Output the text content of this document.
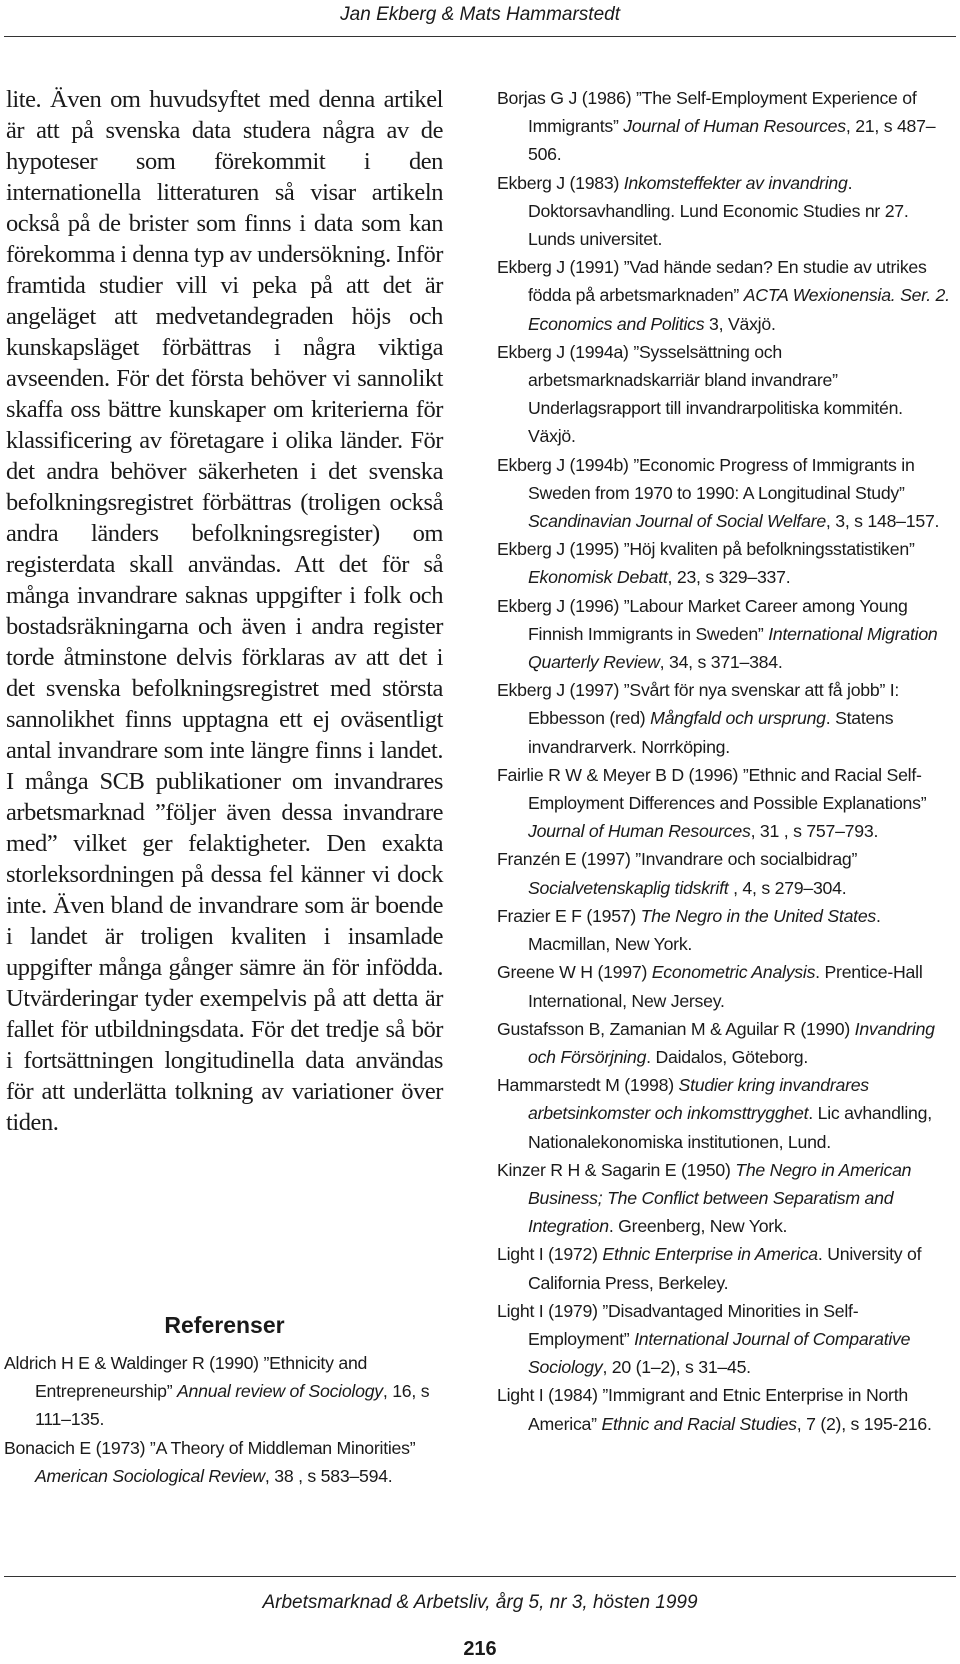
Jan Ekberg & Mats Hammarstedt

lite. Även om huvudsyftet med denna artikel är att på svenska data studera några av de hypoteser som förekommit i den internationella litteraturen så visar artikeln också på de brister som finns i data som kan förekomma i denna typ av undersökning. Inför framtida studier vill vi peka på att det är angeläget att medvetandegraden höjs och kunskapsläget förbättras i några viktiga avseenden. För det första behöver vi sannolikt skaffa oss bättre kunskaper om kriterierna för klassificering av företagare i olika länder. För det andra behöver säkerheten i det svenska befolkningsregistret förbättras (troligen också andra länders befolkningsregister) om registerdata skall användas. Att det för så många invandrare saknas uppgifter i folk och bostadsräkningarna och även i andra register torde åtminstone delvis förklaras av att det i det svenska befolkningsregistret med största sannolikhet finns upptagna ett ej oväsentligt antal invandrare som inte längre finns i landet. I många SCB publikationer om invandrares arbetsmarknad ”följer även dessa invandrare med” vilket ger felaktigheter. Den exakta storleksordningen på dessa fel känner vi dock inte. Även bland de invandrare som är boende i landet är troligen kvaliten i insamlade uppgifter många gånger sämre än för infödda. Utvärderingar tyder exempelvis på att detta är fallet för utbildningsdata. För det tredje så bör i fortsättningen longitudinella data användas för att underlätta tolkning av variationer över tiden.

Referenser

Aldrich H E & Waldinger R (1990) ”Ethnicity and Entrepreneurship” Annual review of Sociology, 16, s 111–135.

Bonacich E (1973) ”A Theory of Middleman Minorities” American Sociological Review, 38 , s 583–594.

Borjas G J (1986) ”The Self-Employment Experience of Immigrants” Journal of Human Resources, 21, s 487–506.

Ekberg J (1983) Inkomsteffekter av invandring. Doktorsavhandling. Lund Economic Studies nr 27. Lunds universitet.

Ekberg J (1991) ”Vad hände sedan? En studie av utrikes födda på arbetsmarknaden” ACTA Wexionensia. Ser. 2. Economics and Politics 3, Växjö.

Ekberg J (1994a) ”Sysselsättning och arbetsmarknadskarriär bland invandrare” Underlagsrapport till invandrarpolitiska kommitén. Växjö.

Ekberg J (1994b) ”Economic Progress of Immigrants in Sweden from 1970 to 1990: A Longitudinal Study” Scandinavian Journal of Social Welfare, 3, s 148–157.

Ekberg J (1995) ”Höj kvaliten på befolkningsstatistiken” Ekonomisk Debatt, 23, s 329–337.

Ekberg J (1996) ”Labour Market Career among Young Finnish Immigrants in Sweden” International Migration Quarterly Review, 34, s 371–384.

Ekberg J (1997) ”Svårt för nya svenskar att få jobb” I: Ebbesson (red) Mångfald och ursprung. Statens invandrarverk. Norrköping.

Fairlie R W & Meyer B D (1996) ”Ethnic and Racial Self-Employment Differences and Possible Explanations” Journal of Human Resources, 31 , s 757–793.

Franzén E (1997) ”Invandrare och socialbidrag” Socialvetenskaplig tidskrift , 4, s 279–304.

Frazier E F (1957) The Negro in the United States. Macmillan, New York.

Greene W H (1997) Econometric Analysis. Prentice-Hall International, New Jersey.

Gustafsson B, Zamanian M & Aguilar R (1990) Invandring och Försörjning. Daidalos, Göteborg.

Hammarstedt M (1998) Studier kring invandrares arbetsinkomster och inkomsttrygghet. Lic avhandling, Nationalekonomiska institutionen, Lund.

Kinzer R H & Sagarin E (1950) The Negro in American Business; The Conflict between Separatism and Integration. Greenberg, New York.

Light I (1972) Ethnic Enterprise in America. University of California Press, Berkeley.

Light I (1979) ”Disadvantaged Minorities in Self-Employment” International Journal of Comparative Sociology, 20 (1–2), s 31–45.

Light I (1984) ”Immigrant and Etnic Enterprise in North America” Ethnic and Racial Studies, 7 (2), s 195-216.

Arbetsmarknad & Arbetsliv, årg 5, nr 3, hösten 1999
216
